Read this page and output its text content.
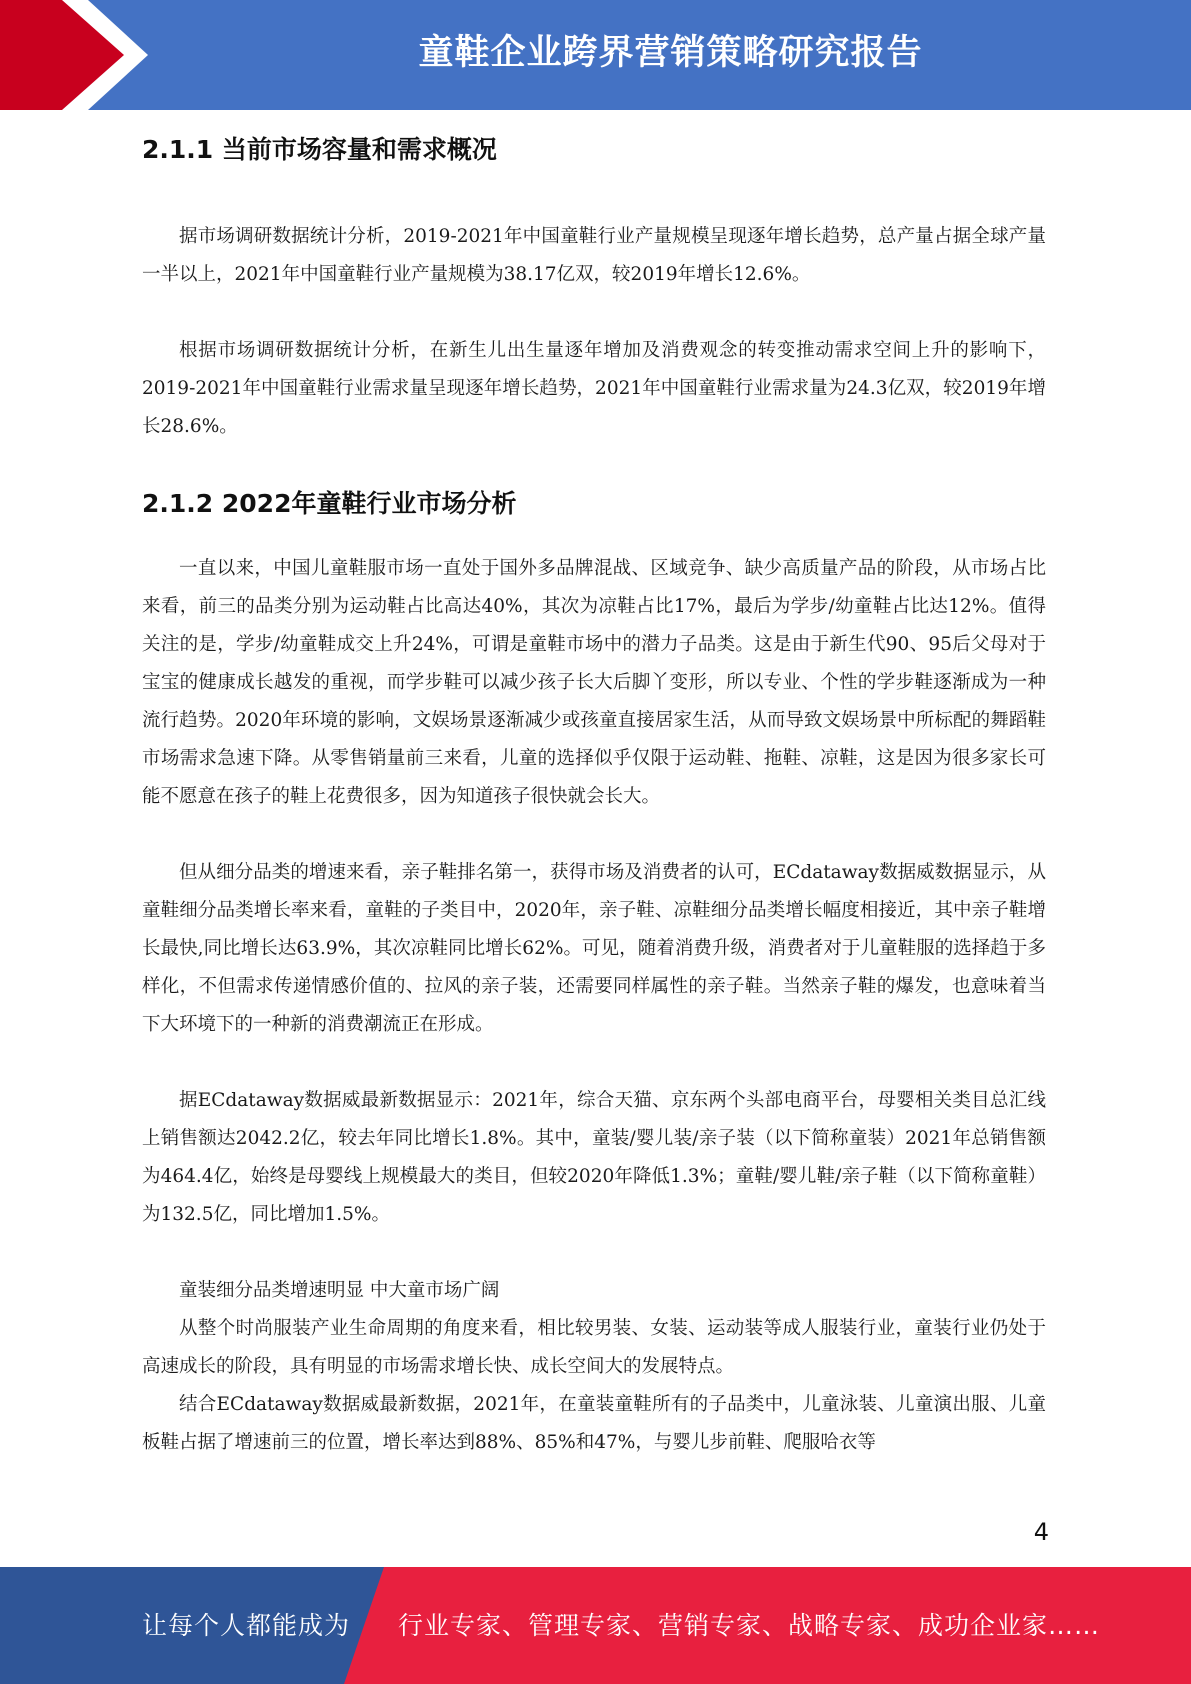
童鞋企业跨界营销策略研究报告
2.1.1 当前市场容量和需求概况

据市场调研数据统计分析，2019-2021年中国童鞋行业产量规模呈现逐年增长趋势，总产量占据全球产量一半以上，2021年中国童鞋行业产量规模为38.17亿双，较2019年增长12.6%。

根据市场调研数据统计分析，在新生儿出生量逐年增加及消费观念的转变推动需求空间上升的影响下，2019-2021年中国童鞋行业需求量呈现逐年增长趋势，2021年中国童鞋行业需求量为24.3亿双，较2019年增长28.6%。

2.1.2 2022年童鞋行业市场分析

一直以来，中国儿童鞋服市场一直处于国外多品牌混战、区域竞争、缺少高质量产品的阶段，从市场占比来看，前三的品类分别为运动鞋占比高达40%，其次为凉鞋占比17%，最后为学步/幼童鞋占比达12%。值得关注的是，学步/幼童鞋成交上升24%，可谓是童鞋市场中的潜力子品类。这是由于新生代90、95后父母对于宝宝的健康成长越发的重视，而学步鞋可以减少孩子长大后脚丫变形，所以专业、个性的学步鞋逐渐成为一种流行趋势。2020年环境的影响，文娱场景逐渐减少或孩童直接居家生活，从而导致文娱场景中所标配的舞蹈鞋市场需求急速下降。从零售销量前三来看，儿童的选择似乎仅限于运动鞋、拖鞋、凉鞋，这是因为很多家长可能不愿意在孩子的鞋上花费很多，因为知道孩子很快就会长大。

但从细分品类的增速来看，亲子鞋排名第一，获得市场及消费者的认可，ECdataway数据威数据显示，从童鞋细分品类增长率来看，童鞋的子类目中，2020年，亲子鞋、凉鞋细分品类增长幅度相接近，其中亲子鞋增长最快,同比增长达63.9%，其次凉鞋同比增长62%。可见，随着消费升级，消费者对于儿童鞋服的选择趋于多样化，不但需求传递情感价值的、拉风的亲子装，还需要同样属性的亲子鞋。当然亲子鞋的爆发，也意味着当下大环境下的一种新的消费潮流正在形成。

据ECdataway数据威最新数据显示：2021年，综合天猫、京东两个头部电商平台，母婴相关类目总汇线上销售额达2042.2亿，较去年同比增长1.8%。其中，童装/婴儿装/亲子装（以下简称童装）2021年总销售额为464.4亿，始终是母婴线上规模最大的类目，但较2020年降低1.3%；童鞋/婴儿鞋/亲子鞋（以下简称童鞋）为132.5亿，同比增加1.5%。

童装细分品类增速明显 中大童市场广阔

从整个时尚服装产业生命周期的角度来看，相比较男装、女装、运动装等成人服装行业，童装行业仍处于高速成长的阶段，具有明显的市场需求增长快、成长空间大的发展特点。

结合ECdataway数据威最新数据，2021年，在童装童鞋所有的子品类中，儿童泳装、儿童演出服、儿童板鞋占据了增速前三的位置，增长率达到88%、85%和47%，与婴儿步前鞋、爬服哈衣等

4
让每个人都能成为 行业专家、管理专家、营销专家、战略专家、成功企业家……
